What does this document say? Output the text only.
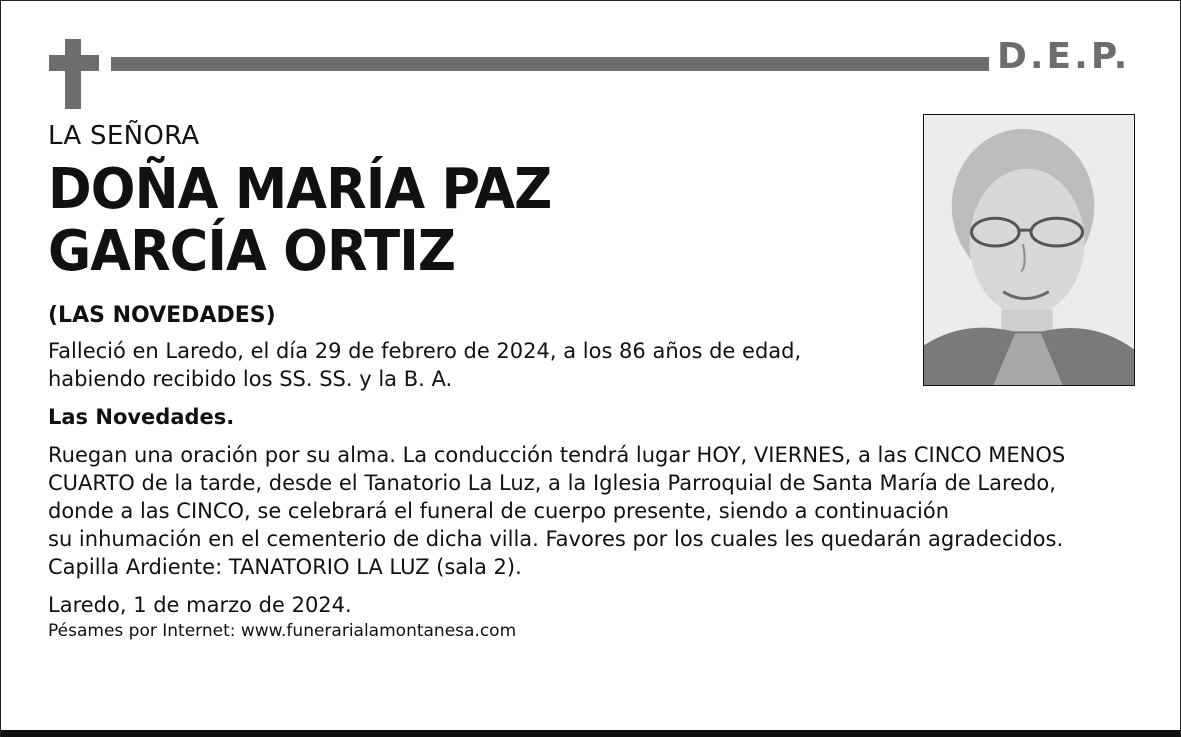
D.E.P.

LA SEÑORA

DOÑA MARÍA PAZ
GARCÍA ORTIZ

(LAS NOVEDADES)

Falleció en Laredo, el día 29 de febrero de 2024, a los 86 años de edad,

habiendo recibido los SS. SS. y la B. A.

Las Novedades.

Ruegan una oración por su alma. La conducción tendrá lugar HOY, VIERNES, a las CINCO MENOS

CUARTO de la tarde, desde el Tanatorio La Luz, a la Iglesia Parroquial de Santa María de Laredo,

donde a las CINCO, se celebrará el funeral de cuerpo presente, siendo a continuación

su inhumación en el cementerio de dicha villa. Favores por los cuales les quedarán agradecidos.

Capilla Ardiente: TANATORIO LA LUZ (sala 2).

Laredo, 1 de marzo de 2024.

Pésames por Internet: www.funerarialamontanesa.com
